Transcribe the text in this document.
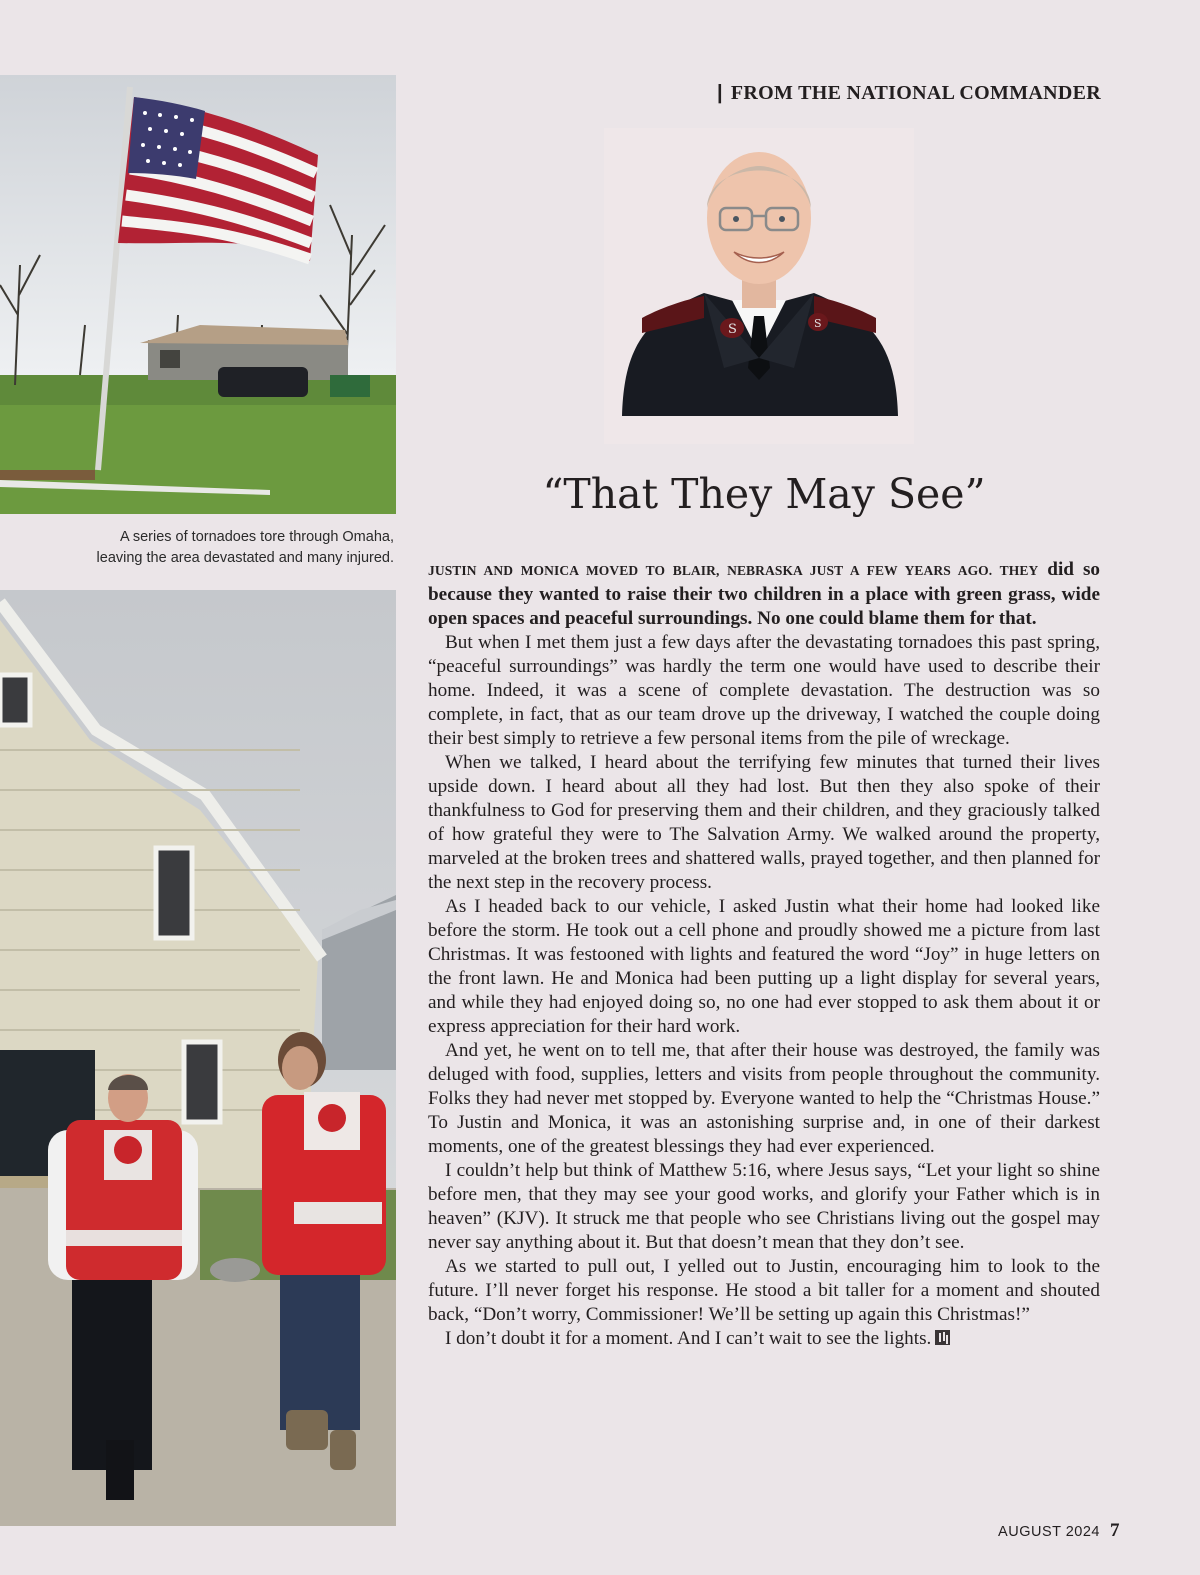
A series of tornadoes tore through Omaha,
leaving the area devastated and many injured.
| FROM THE NATIONAL COMMANDER
S	S
“That They May See”

JUSTIN AND MONICA MOVED TO BLAIR, NEBRASKA JUST A FEW YEARS AGO. THEY did so because they wanted to raise their two children in a place with green grass, wide open spaces and peaceful surroundings. No one could blame them for that.

But when I met them just a few days after the devastating tornadoes this past spring, “peaceful surroundings” was hardly the term one would have used to describe their home. Indeed, it was a scene of complete devastation. The destruction was so complete, in fact, that as our team drove up the driveway, I watched the couple doing their best simply to retrieve a few personal items from the pile of wreckage.

When we talked, I heard about the terrifying few minutes that turned their lives upside down. I heard about all they had lost. But then they also spoke of their thankfulness to God for preserving them and their children, and they graciously talked of how grateful they were to The Salvation Army. We walked around the property, marveled at the broken trees and shattered walls, prayed together, and then planned for the next step in the recovery process.

As I headed back to our vehicle, I asked Justin what their home had looked like before the storm. He took out a cell phone and proudly showed me a picture from last Christmas. It was festooned with lights and featured the word “Joy” in huge letters on the front lawn. He and Monica had been putting up a light display for several years, and while they had enjoyed doing so, no one had ever stopped to ask them about it or express appreciation for their hard work.

And yet, he went on to tell me, that after their house was destroyed, the family was deluged with food, supplies, letters and visits from people throughout the community. Folks they had never met stopped by. Everyone wanted to help the “Christmas House.” To Justin and Monica, it was an astonishing surprise and, in one of their darkest moments, one of the greatest blessings they had ever experienced.

I couldn’t help but think of Matthew 5:16, where Jesus says, “Let your light so shine before men, that they may see your good works, and glorify your Father which is in heaven” (KJV). It struck me that people who see Christians living out the gospel may never say anything about it. But that doesn’t mean that they don’t see.

As we started to pull out, I yelled out to Justin, encouraging him to look to the future. I’ll never forget his response. He stood a bit taller for a moment and shouted back, “Don’t worry, Commissioner! We’ll be setting up again this Christmas!”

I don’t doubt it for a moment. And I can’t wait to see the lights.

AUGUST 2024 7
